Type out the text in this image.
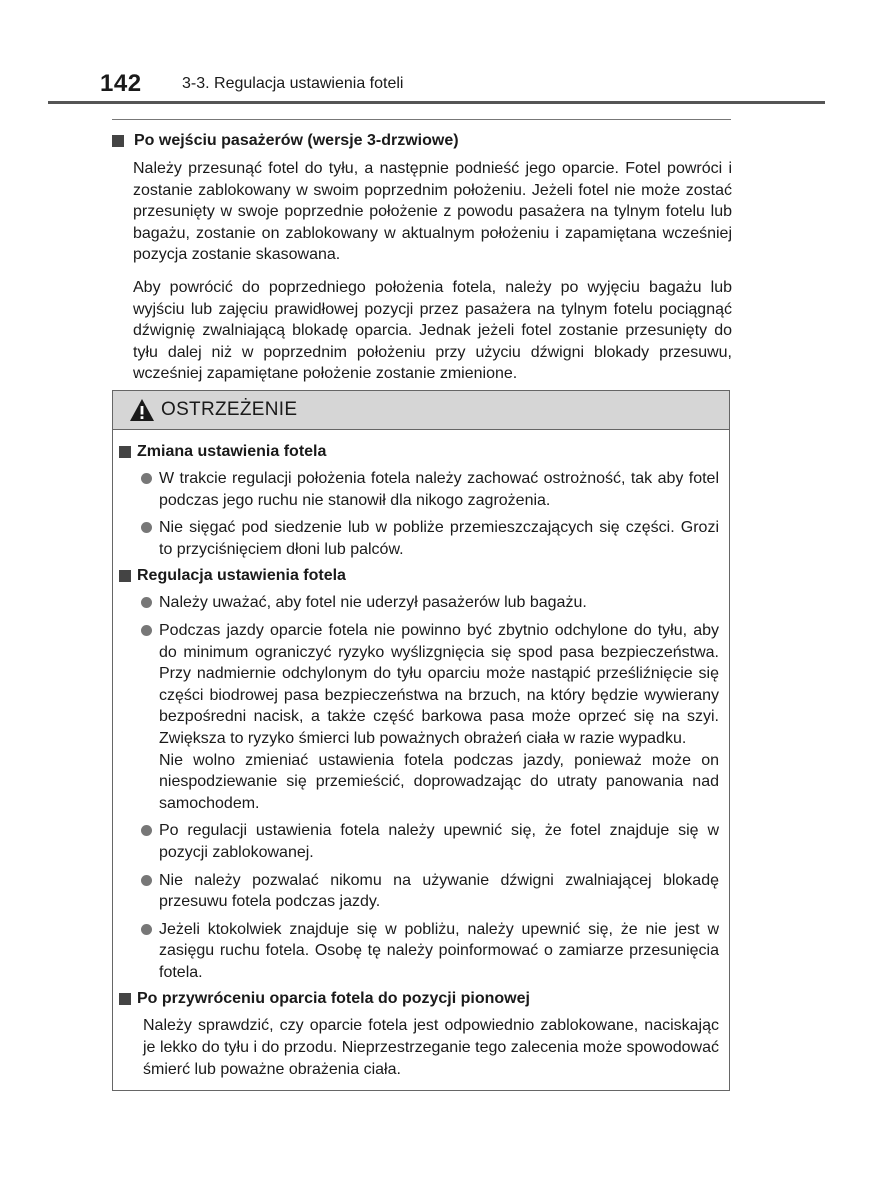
142	3-3. Regulacja ustawienia foteli
Po wejściu pasażerów (wersje 3-drzwiowe)

Należy przesunąć fotel do tyłu, a następnie podnieść jego oparcie. Fotel powróci i zostanie zablokowany w swoim poprzednim położeniu. Jeżeli fotel nie może zostać przesunięty w swoje poprzednie położenie z powodu pasażera na tylnym fotelu lub bagażu, zostanie on zablokowany w aktualnym położeniu i zapamiętana wcześniej pozycja zostanie skasowana.

Aby powrócić do poprzedniego położenia fotela, należy po wyjęciu bagażu lub wyjściu lub zajęciu prawidłowej pozycji przez pasażera na tylnym fotelu pociągnąć dźwignię zwalniającą blokadę oparcia. Jednak jeżeli fotel zostanie przesunięty do tyłu dalej niż w poprzednim położeniu przy użyciu dźwigni blokady przesuwu, wcześniej zapamiętane położenie zostanie zmienione.

OSTRZEŻENIE
Zmiana ustawienia fotela

W trakcie regulacji położenia fotela należy zachować ostrożność, tak aby fotel podczas jego ruchu nie stanowił dla nikogo zagrożenia.

Nie sięgać pod siedzenie lub w pobliże przemieszczających się części. Grozi to przyciśnięciem dłoni lub palców.

Regulacja ustawienia fotela

Należy uważać, aby fotel nie uderzył pasażerów lub bagażu.

Podczas jazdy oparcie fotela nie powinno być zbytnio odchylone do tyłu, aby do minimum ograniczyć ryzyko wyślizgnięcia się spod pasa bezpieczeństwa. Przy nadmiernie odchylonym do tyłu oparciu może nastąpić prześliźnięcie się części biodrowej pasa bezpieczeństwa na brzuch, na który będzie wywierany bezpośredni nacisk, a także część barkowa pasa może oprzeć się na szyi. Zwiększa to ryzyko śmierci lub poważnych obrażeń ciała w razie wypadku.

Nie wolno zmieniać ustawienia fotela podczas jazdy, ponieważ może on niespodziewanie się przemieścić, doprowadzając do utraty panowania nad samochodem.

Po regulacji ustawienia fotela należy upewnić się, że fotel znajduje się w pozycji zablokowanej.

Nie należy pozwalać nikomu na używanie dźwigni zwalniającej blokadę przesuwu fotela podczas jazdy.

Jeżeli ktokolwiek znajduje się w pobliżu, należy upewnić się, że nie jest w zasięgu ruchu fotela. Osobę tę należy poinformować o zamiarze przesunięcia fotela.

Po przywróceniu oparcia fotela do pozycji pionowej

Należy sprawdzić, czy oparcie fotela jest odpowiednio zablokowane, naciskając je lekko do tyłu i do przodu. Nieprzestrzeganie tego zalecenia może spowodować śmierć lub poważne obrażenia ciała.
